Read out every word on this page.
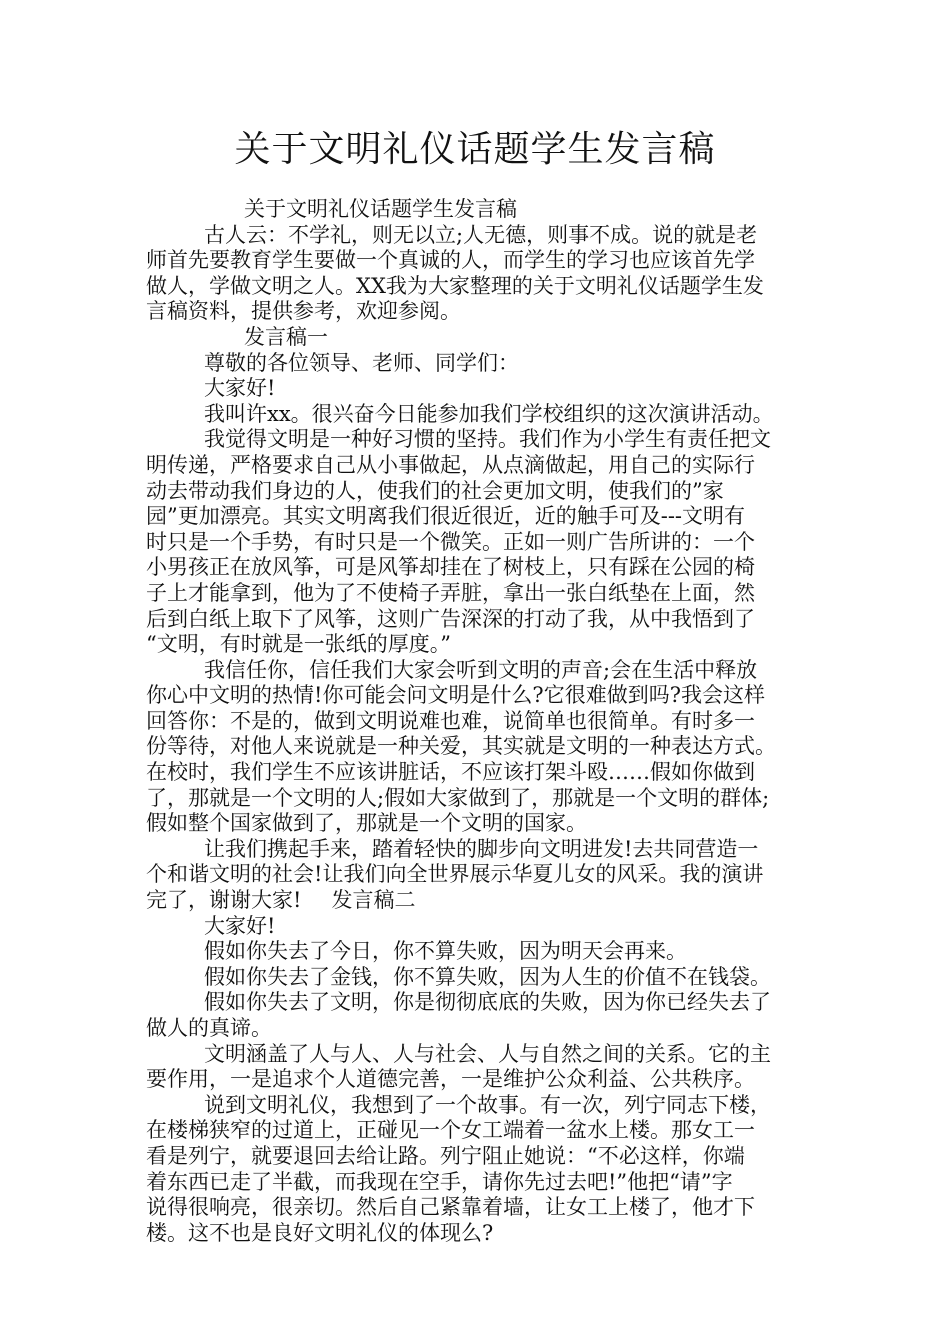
关于文明礼仪话题学生发言稿
关于文明礼仪话题学生发言稿
古人云：不学礼，则无以立;人无德，则事不成。说的就是老
师首先要教育学生要做一个真诚的人，而学生的学习也应该首先学
做人，学做文明之人。XX我为大家整理的关于文明礼仪话题学生发
言稿资料，提供参考，欢迎参阅。
发言稿一
尊敬的各位领导、老师、同学们：
大家好!
我叫许xx。很兴奋今日能参加我们学校组织的这次演讲活动。
我觉得文明是一种好习惯的坚持。我们作为小学生有责任把文
明传递，严格要求自己从小事做起，从点滴做起，用自己的实际行
动去带动我们身边的人，使我们的社会更加文明，使我们的”家
园”更加漂亮。其实文明离我们很近很近，近的触手可及---文明有
时只是一个手势，有时只是一个微笑。正如一则广告所讲的：一个
小男孩正在放风筝，可是风筝却挂在了树枝上，只有踩在公园的椅
子上才能拿到，他为了不使椅子弄脏，拿出一张白纸垫在上面，然
后到白纸上取下了风筝，这则广告深深的打动了我，从中我悟到了
“文明，有时就是一张纸的厚度。”
我信任你，信任我们大家会听到文明的声音;会在生活中释放
你心中文明的热情!你可能会问文明是什么?它很难做到吗?我会这样
回答你：不是的，做到文明说难也难，说简单也很简单。有时多一
份等待，对他人来说就是一种关爱，其实就是文明的一种表达方式。
在校时，我们学生不应该讲脏话，不应该打架斗殴……假如你做到
了，那就是一个文明的人;假如大家做到了，那就是一个文明的群体;
假如整个国家做到了，那就是一个文明的国家。
让我们携起手来，踏着轻快的脚步向文明进发!去共同营造一
个和谐文明的社会!让我们向全世界展示华夏儿女的风采。我的演讲
完了，谢谢大家! 发言稿二
大家好!
假如你失去了今日，你不算失败，因为明天会再来。
假如你失去了金钱，你不算失败，因为人生的价值不在钱袋。
假如你失去了文明，你是彻彻底底的失败，因为你已经失去了
做人的真谛。
文明涵盖了人与人、人与社会、人与自然之间的关系。它的主
要作用，一是追求个人道德完善，一是维护公众利益、公共秩序。
说到文明礼仪，我想到了一个故事。有一次，列宁同志下楼，
在楼梯狭窄的过道上，正碰见一个女工端着一盆水上楼。那女工一
看是列宁，就要退回去给让路。列宁阻止她说：“不必这样，你端
着东西已走了半截，而我现在空手，请你先过去吧!”他把“请”字
说得很响亮，很亲切。然后自己紧靠着墙，让女工上楼了，他才下
楼。这不也是良好文明礼仪的体现么?
